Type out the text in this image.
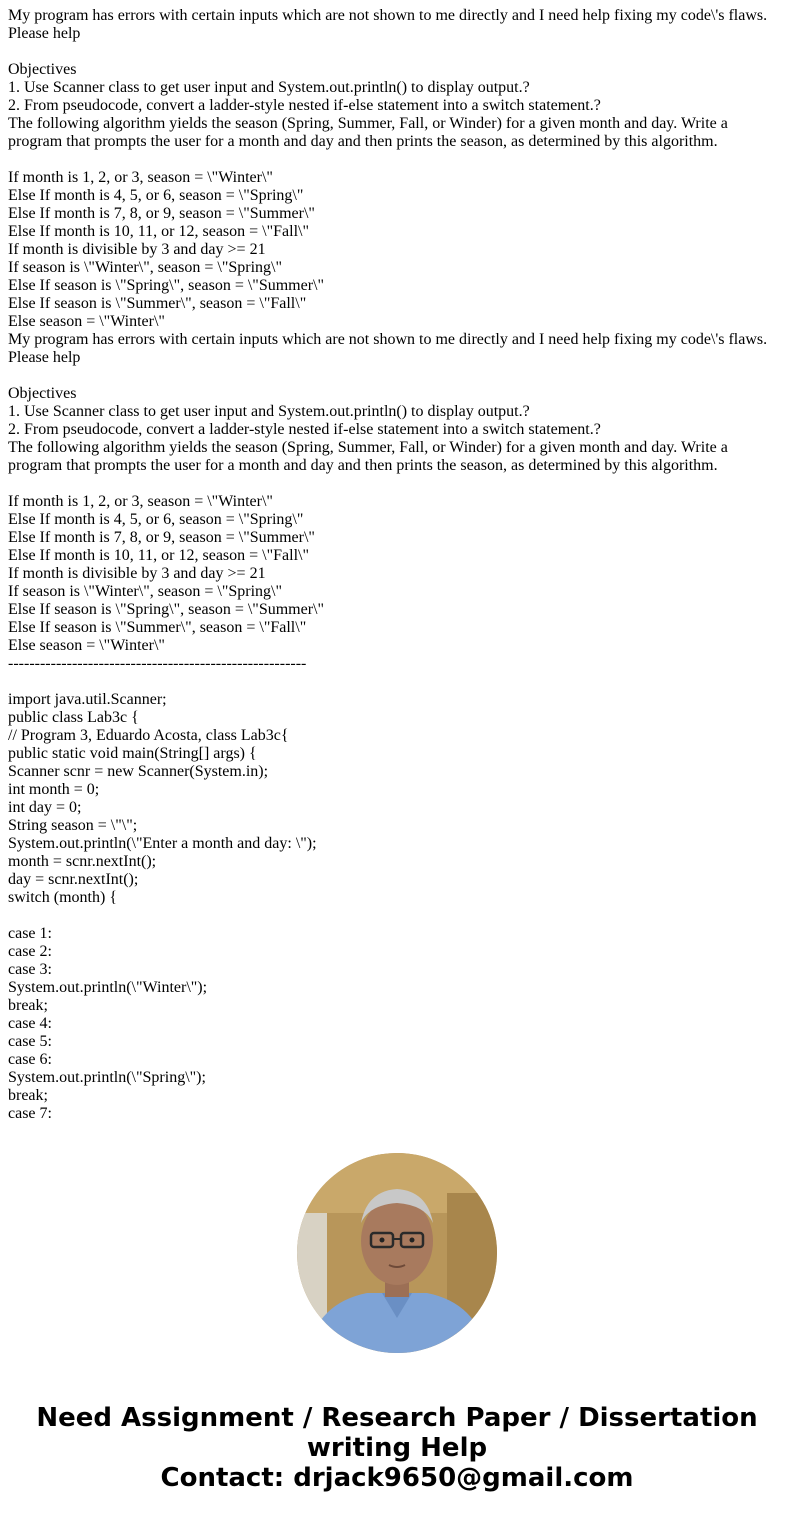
My program has errors with certain inputs which are not shown to me directly and I need help fixing my code\'s flaws. Please help
Objectives
1. Use Scanner class to get user input and System.out.println() to display output.?
2. From pseudocode, convert a ladder-style nested if-else statement into a switch statement.?
The following algorithm yields the season (Spring, Summer, Fall, or Winder) for a given month and day. Write a program that prompts the user for a month and day and then prints the season, as determined by this algorithm.
If month is 1, 2, or 3, season = \"Winter\"
Else If month is 4, 5, or 6, season = \"Spring\"
Else If month is 7, 8, or 9, season = \"Summer\"
Else If month is 10, 11, or 12, season = \"Fall\"
If month is divisible by 3 and day >= 21
If season is \"Winter\", season = \"Spring\"
Else If season is \"Spring\", season = \"Summer\"
Else If season is \"Summer\", season = \"Fall\"
Else season = \"Winter\"
My program has errors with certain inputs which are not shown to me directly and I need help fixing my code\'s flaws. Please help
Objectives
1. Use Scanner class to get user input and System.out.println() to display output.?
2. From pseudocode, convert a ladder-style nested if-else statement into a switch statement.?
The following algorithm yields the season (Spring, Summer, Fall, or Winder) for a given month and day. Write a program that prompts the user for a month and day and then prints the season, as determined by this algorithm.
If month is 1, 2, or 3, season = \"Winter\"
Else If month is 4, 5, or 6, season = \"Spring\"
Else If month is 7, 8, or 9, season = \"Summer\"
Else If month is 10, 11, or 12, season = \"Fall\"
If month is divisible by 3 and day >= 21
If season is \"Winter\", season = \"Spring\"
Else If season is \"Spring\", season = \"Summer\"
Else If season is \"Summer\", season = \"Fall\"
Else season = \"Winter\"
--------------------------------------------------------
import java.util.Scanner;
public class Lab3c {
// Program 3, Eduardo Acosta, class Lab3c{
public static void main(String[] args) {
Scanner scnr = new Scanner(System.in);
int month = 0;
int day = 0;
String season = \"\";
System.out.println(\"Enter a month and day: \");
month = scnr.nextInt();
day = scnr.nextInt();
switch (month) {
case 1:
case 2:
case 3:
System.out.println(\"Winter\");
break;
case 4:
case 5:
case 6:
System.out.println(\"Spring\");
break;
case 7:
Need Assignment / Research Paper / Dissertation
writing Help
Contact: drjack9650@gmail.com
